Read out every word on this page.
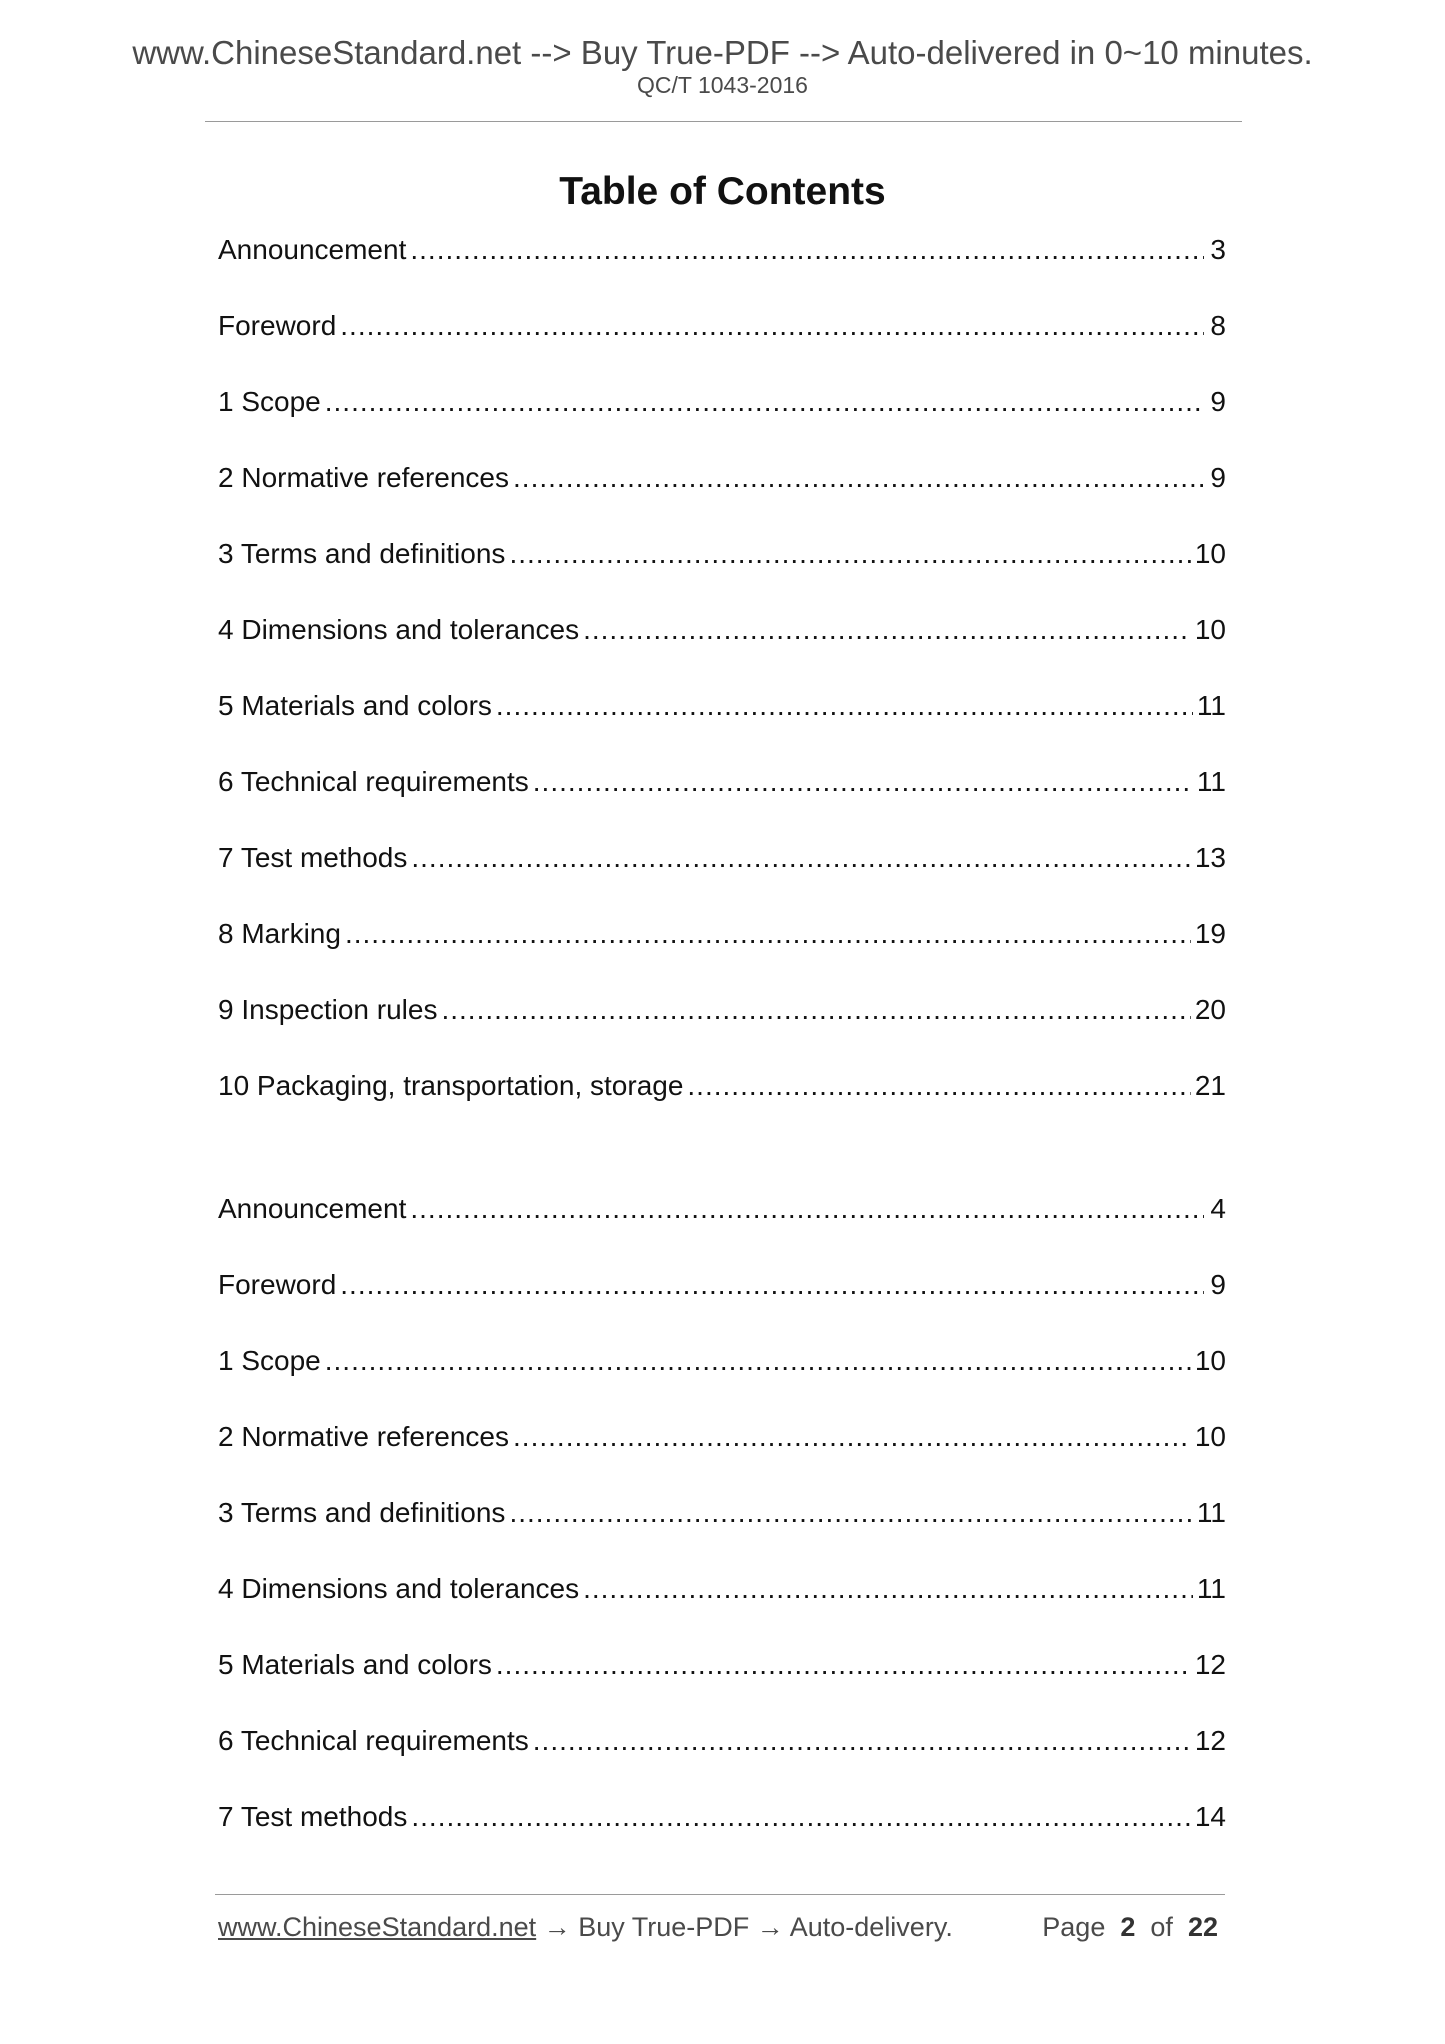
www.ChineseStandard.net --> Buy True-PDF --> Auto-delivered in 0~10 minutes.
QC/T 1043-2016
Table of Contents
Announcement .....	3
Foreword .....	8
1 Scope .....	9
2 Normative references .....	9
3 Terms and definitions .....	10
4 Dimensions and tolerances .....	10
5 Materials and colors .....	11
6 Technical requirements .....	11
7 Test methods .....	13
8 Marking .....	19
9 Inspection rules .....	20
10 Packaging, transportation, storage .....	21
Announcement .....	4
Foreword .....	9
1 Scope .....	10
2 Normative references .....	10
3 Terms and definitions .....	11
4 Dimensions and tolerances .....	11
5 Materials and colors .....	12
6 Technical requirements .....	12
7 Test methods .....	14
www.ChineseStandard.net → Buy True-PDF → Auto-delivery.	Page 2 of 22
